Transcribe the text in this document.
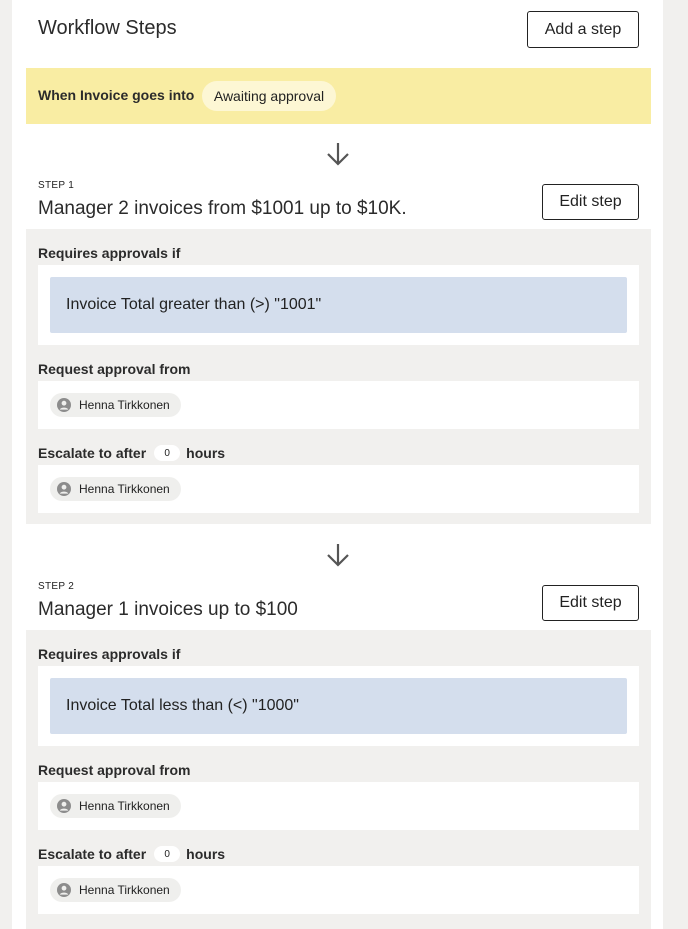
Workflow Steps	Add a step
When Invoice goes into	Awaiting approval
STEP 1
Manager 2 invoices from $1001 up to $10K.	Edit step
Requires approvals if
Invoice Total greater than (>) "1001"
Request approval from
Henna Tirkkonen
Escalate to after	0	hours
Henna Tirkkonen
STEP 2
Manager 1 invoices up to $100	Edit step
Requires approvals if
Invoice Total less than (<) "1000"
Request approval from
Henna Tirkkonen
Escalate to after	0	hours
Henna Tirkkonen
